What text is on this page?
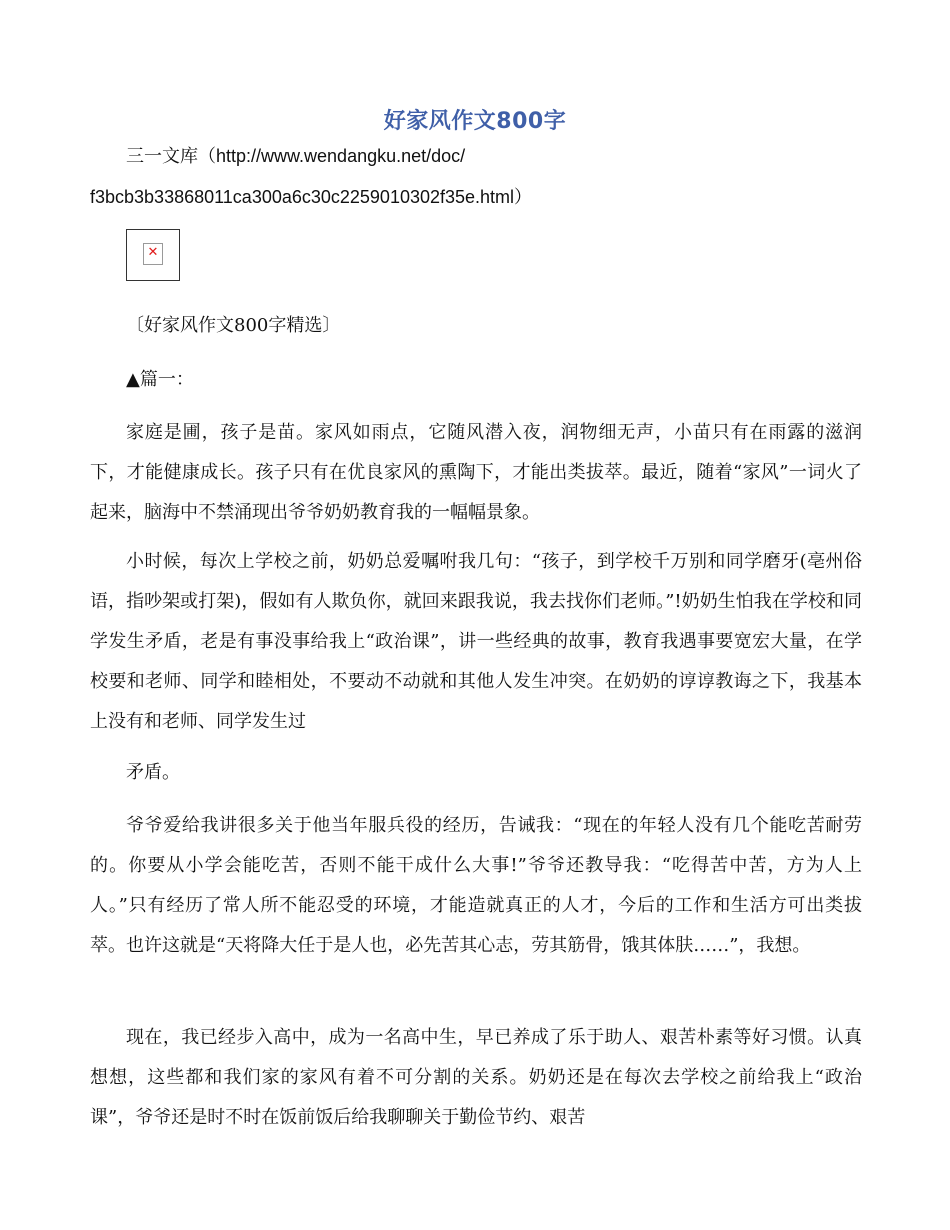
好家风作文800字
三一文库（http://www.wendangku.net/doc/
f3bcb3b33868011ca300a6c30c2259010302f35e.html）
✕
〔好家风作文800字精选〕
▲篇一：
家庭是圃，孩子是苗。家风如雨点，它随风潜入夜，润物细无声，小苗只有在雨露的滋润下，才能健康成长。孩子只有在优良家风的熏陶下，才能出类拔萃。最近，随着“家风”一词火了起来，脑海中不禁涌现出爷爷奶奶教育我的一幅幅景象。
小时候，每次上学校之前，奶奶总爱嘱咐我几句：“孩子，到学校千万别和同学磨牙(亳州俗语，指吵架或打架)，假如有人欺负你，就回来跟我说，我去找你们老师。”!奶奶生怕我在学校和同学发生矛盾，老是有事没事给我上“政治课”，讲一些经典的故事，教育我遇事要宽宏大量，在学校要和老师、同学和睦相处，不要动不动就和其他人发生冲突。在奶奶的谆谆教诲之下，我基本上没有和老师、同学发生过
矛盾。
爷爷爱给我讲很多关于他当年服兵役的经历，告诫我：“现在的年轻人没有几个能吃苦耐劳的。你要从小学会能吃苦，否则不能干成什么大事!”爷爷还教导我：“吃得苦中苦，方为人上人。”只有经历了常人所不能忍受的环境，才能造就真正的人才，今后的工作和生活方可出类拔萃。也许这就是“天将降大任于是人也，必先苦其心志，劳其筋骨，饿其体肤……”，我想。
现在，我已经步入高中，成为一名高中生，早已养成了乐于助人、艰苦朴素等好习惯。认真想想，这些都和我们家的家风有着不可分割的关系。奶奶还是在每次去学校之前给我上“政治课”，爷爷还是时不时在饭前饭后给我聊聊关于勤俭节约、艰苦
